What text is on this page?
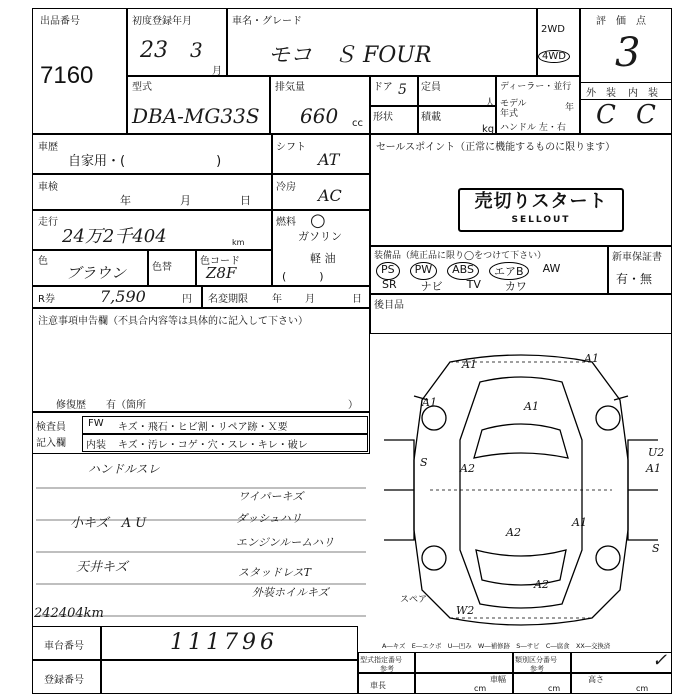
出品番号
7160
初度登録年月
23 3
月
車名・グレード
モコ　Ｓ FOUR
2WD
4WD
評　価　点
3
外　装 内　装
C C
型式
DBA-MG33S
排気量
660 cc
ドア 5 定員
人
形状	積載
kg
ディーラー・並行
モデル
年式
年
ハンドル 左・右
車歴
自家用・(　　　　　　　)
シフト
AT
車検
年	月	日
冷房 AC
走行
24万2千404	km
燃料 ○
ガソリン
軽 油
(　　　)
色
ブラウン	色替
色コード
Z8F
R券	7,590	円 名変期限 年 月	日
注意事項申告欄（不具合内容等は具体的に記入して下さい）
修復歴　　有（箇所	）
セールスポイント（正常に機能するものに限ります）
売切りスタート
SELLOUT
装備品（純正品に限り◯をつけて下さい）
PS	PW	ABS	エアB	AW
SR ナビ TV カワ
新車保証書
有・無
後目品
検査員
記入欄
FW キズ・飛石・ヒビ割・リペア跡・Ｘ要
内装 キズ・汚レ・コゲ・穴・スレ・キレ・破レ
ハンドルスレ
小キズ　A U
天井キズ
242404km
ワイパーキズ
ダッシュハリ
エンジンルームハリ
スタッドレスT
外装ホイルキズ
A1	A1
A1	A1
A2
U2
A1
A1
A2
S
A2
W2
S
スペア
車台番号	111796
登録番号
A―キズ　E―エクボ　U―凹み　W―補修跡　S―サビ　C―腐食　XX―交換済
型式指定番号
参考
類別区分番号
参考
車長	cm
車幅
cm
高さ
cm
✓
